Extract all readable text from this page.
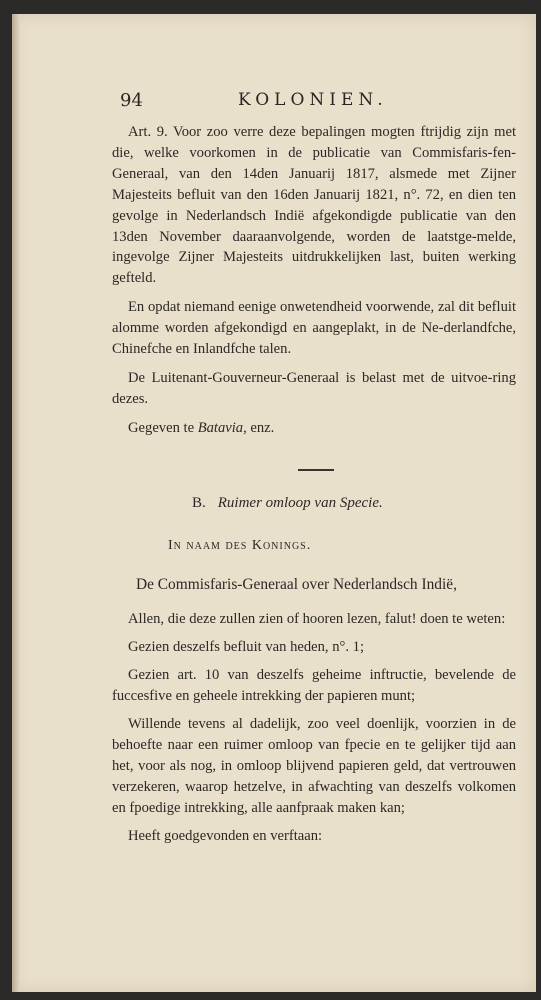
94	KOLONIEN.

Art. 9. Voor zoo verre deze bepalingen mogten ftrijdig zijn met die, welke voorkomen in de publicatie van Commisfaris-fen-Generaal, van den 14den Januarij 1817, alsmede met Zijner Majesteits befluit van den 16den Januarij 1821, n°. 72, en dien ten gevolge in Nederlandsch Indië afgekondigde publicatie van den 13den November daaraanvolgende, worden de laatstge-melde, ingevolge Zijner Majesteits uitdrukkelijken last, buiten werking gefteld.

En opdat niemand eenige onwetendheid voorwende, zal dit befluit alomme worden afgekondigd en aangeplakt, in de Ne-derlandfche, Chinefche en Inlandfche talen.

De Luitenant-Gouverneur-Generaal is belast met de uitvoe-ring dezes.

Gegeven te Batavia, enz.

B. Ruimer omloop van Specie.
In naam des Konings.
De Commisfaris-Generaal over Nederlandsch Indië,

Allen, die deze zullen zien of hooren lezen, falut! doen te weten:

Gezien deszelfs befluit van heden, n°. 1;

Gezien art. 10 van deszelfs geheime inftructie, bevelende de fuccesfive en geheele intrekking der papieren munt;

Willende tevens al dadelijk, zoo veel doenlijk, voorzien in de behoefte naar een ruimer omloop van fpecie en te gelijker tijd aan het, voor als nog, in omloop blijvend papieren geld, dat vertrouwen verzekeren, waarop hetzelve, in afwachting van deszelfs volkomen en fpoedige intrekking, alle aanfpraak maken kan;

Heeft goedgevonden en verftaan:
